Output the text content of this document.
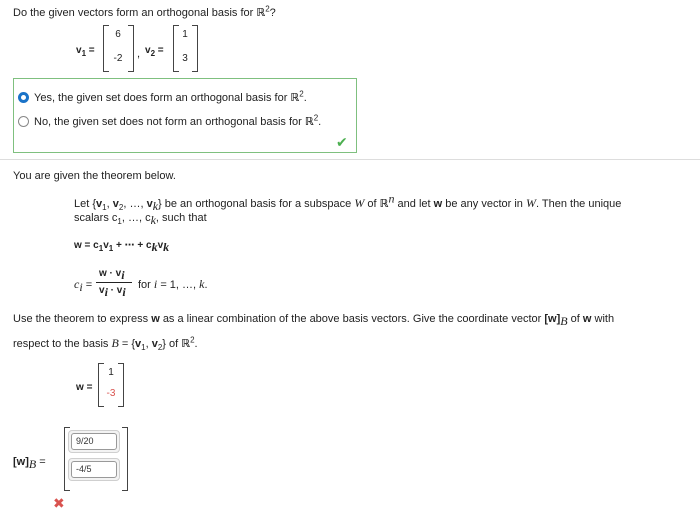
Do the given vectors form an orthogonal basis for ℝ$^2$?
$v_1$ =
6
-2	, $v_2$ =
1
3
Yes, the given set does form an orthogonal basis for ℝ$^2$.
No, the given set does not form an orthogonal basis for ℝ$^2$.
✔
You are given the theorem below.
Let {$v_1$, $v_2$, …, $v_k$} be an orthogonal basis for a subspace W of ℝ$^n$ and let w be any vector in W. Then the unique
scalars $c_1$, …, $c_k$, such that
$w = c_1v_1$ + ⋯ + $c_kv_k$
$c_i$ =
$w \cdot v_i$
$v_i \cdot v_i$ for i = 1, …, k.
Use the theorem to express w as a linear combination of the above basis vectors. Give the coordinate vector $[w]_B$ of w with
respect to the basis $B = \{v_1$, $v_2$} of ℝ$^2$.
w =
1
-3
$[w]_B$ =
9/20
-4/5
✖
